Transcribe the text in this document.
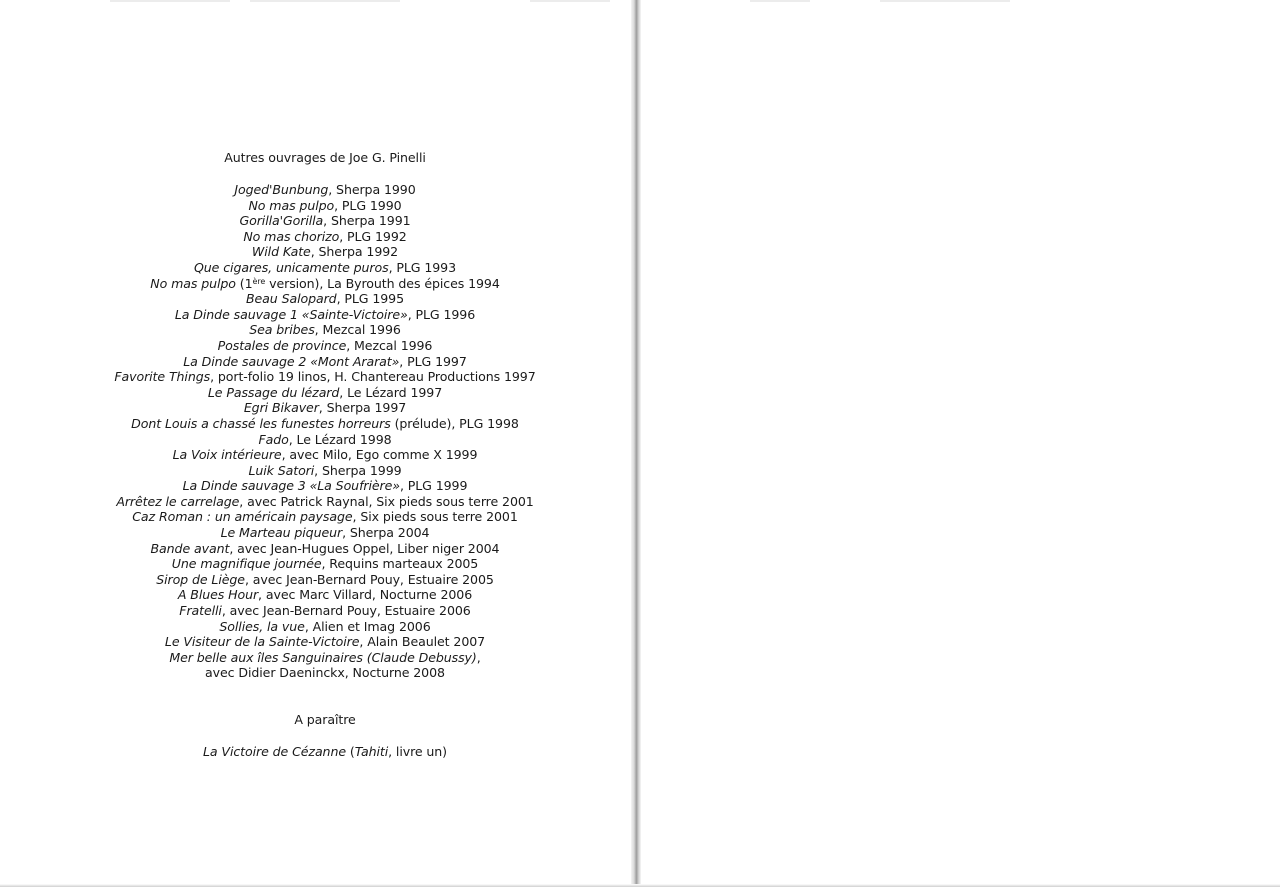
Autres ouvrages de Joe G. Pinelli
Joged'Bunbung, Sherpa 1990
No mas pulpo, PLG 1990
Gorilla'Gorilla, Sherpa 1991
No mas chorizo, PLG 1992
Wild Kate, Sherpa 1992
Que cigares, unicamente puros, PLG 1993
No mas pulpo (1ère version), La Byrouth des épices 1994
Beau Salopard, PLG 1995
La Dinde sauvage 1 «Sainte-Victoire», PLG 1996
Sea bribes, Mezcal 1996
Postales de province, Mezcal 1996
La Dinde sauvage 2 «Mont Ararat», PLG 1997
Favorite Things, port-folio 19 linos, H. Chantereau Productions 1997
Le Passage du lézard, Le Lézard 1997
Egri Bikaver, Sherpa 1997
Dont Louis a chassé les funestes horreurs (prélude), PLG 1998
Fado, Le Lézard 1998
La Voix intérieure, avec Milo, Ego comme X 1999
Luik Satori, Sherpa 1999
La Dinde sauvage 3 «La Soufrière», PLG 1999
Arrêtez le carrelage, avec Patrick Raynal, Six pieds sous terre 2001
Caz Roman : un américain paysage, Six pieds sous terre 2001
Le Marteau piqueur, Sherpa 2004
Bande avant, avec Jean-Hugues Oppel, Liber niger 2004
Une magnifique journée, Requins marteaux 2005
Sirop de Liège, avec Jean-Bernard Pouy, Estuaire 2005
A Blues Hour, avec Marc Villard, Nocturne 2006
Fratelli, avec Jean-Bernard Pouy, Estuaire 2006
Sollies, la vue, Alien et Imag 2006
Le Visiteur de la Sainte-Victoire, Alain Beaulet 2007
Mer belle aux îles Sanguinaires (Claude Debussy),
avec Didier Daeninckx, Nocturne 2008
A paraître
La Victoire de Cézanne (Tahiti, livre un)
